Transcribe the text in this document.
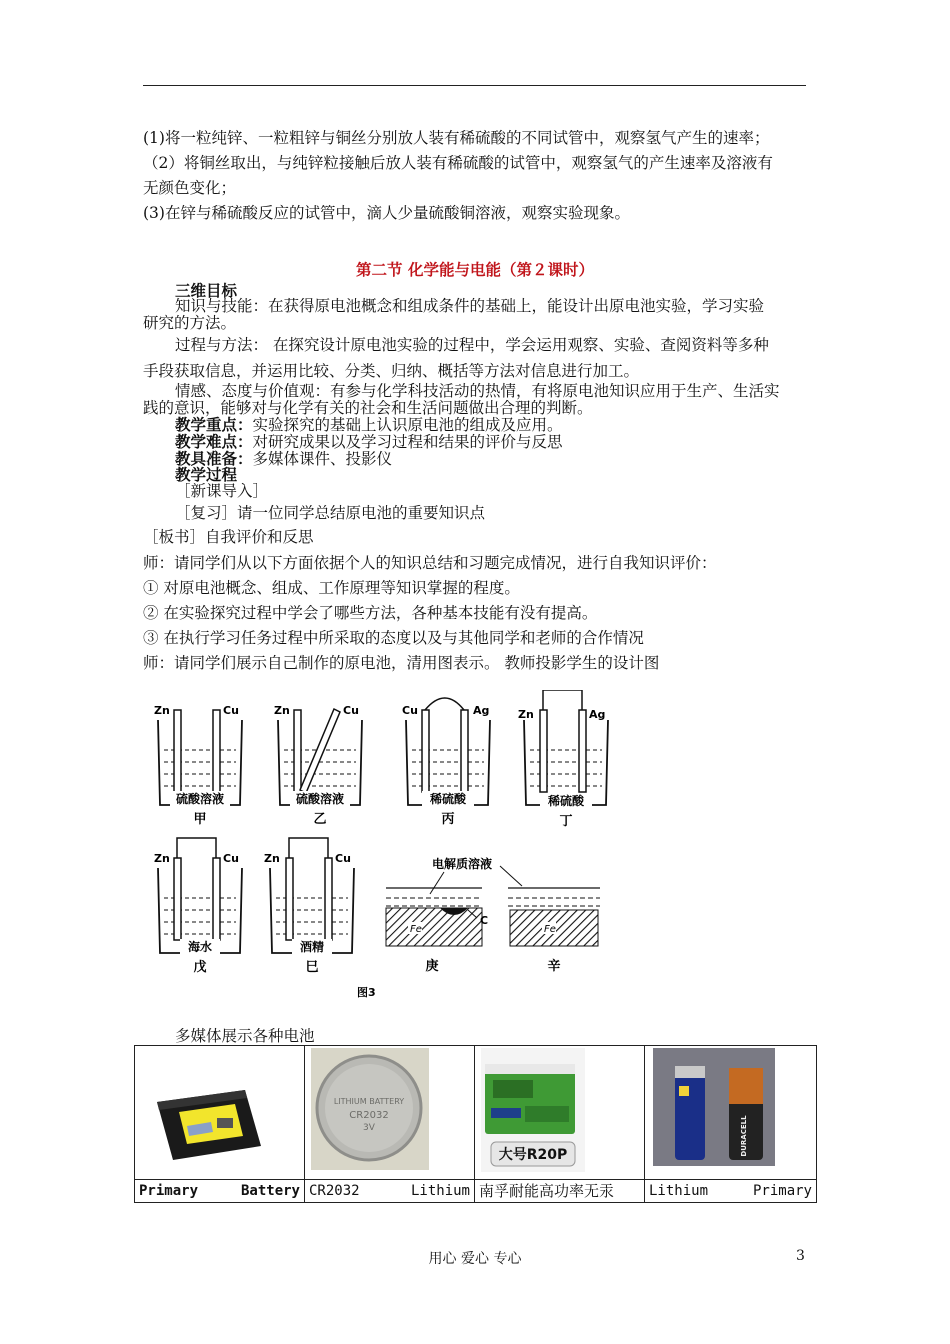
(1)将一粒纯锌、一粒粗锌与铜丝分别放人装有稀硫酸的不同试管中，观察氢气产生的速率；
（2）将铜丝取出，与纯锌粒接触后放人装有稀硫酸的试管中，观察氢气的产生速率及溶液有
无颜色变化；
(3)在锌与稀硫酸反应的试管中，滴人少量硫酸铜溶液，观察实验现象。
第二节 化学能与电能（第２课时）
三维目标
知识与技能：在获得原电池概念和组成条件的基础上，能设计出原电池实验，学习实验
研究的方法。
过程与方法： 在探究设计原电池实验的过程中，学会运用观察、实验、查阅资料等多种
手段获取信息，并运用比较、分类、归纳、概括等方法对信息进行加工。
情感、态度与价值观：有参与化学科技活动的热情，有将原电池知识应用于生产、生活实
践的意识，能够对与化学有关的社会和生活问题做出合理的判断。
教学重点：实验探究的基础上认识原电池的组成及应用。
教学难点：对研究成果以及学习过程和结果的评价与反思
教具准备：多媒体课件、投影仪
教学过程
［新课导入］
［复习］请一位同学总结原电池的重要知识点
［板书］自我评价和反思
师：请同学们从以下方面依据个人的知识总结和习题完成情况，进行自我知识评价：
① 对原电池概念、组成、工作原理等知识掌握的程度。
② 在实验探究过程中学会了哪些方法，各种基本技能有没有提高。
③ 在执行学习任务过程中所采取的态度以及与其他同学和老师的合作情况
师：请同学们展示自己制作的原电池，清用图表示。 教师投影学生的设计图
Zn	Cu
硫酸溶液
甲
Zn	Cu
硫酸溶液
乙
Cu	Ag
稀硫酸
丙
Zn	Ag
稀硫酸
丁
Zn	Cu
海水
戊
Zn	Cu
酒精
巳
电解质溶液
Fe
C
庚
Fe
辛
图3
多媒体展示各种电池

LITHIUM BATTERY
CR2032
3V	大号R20P	DURACELL

Primary Battery	CR2032 Lithium	南孚耐能高功率无汞	Lithium Primary
用心 爱心 专心	3
